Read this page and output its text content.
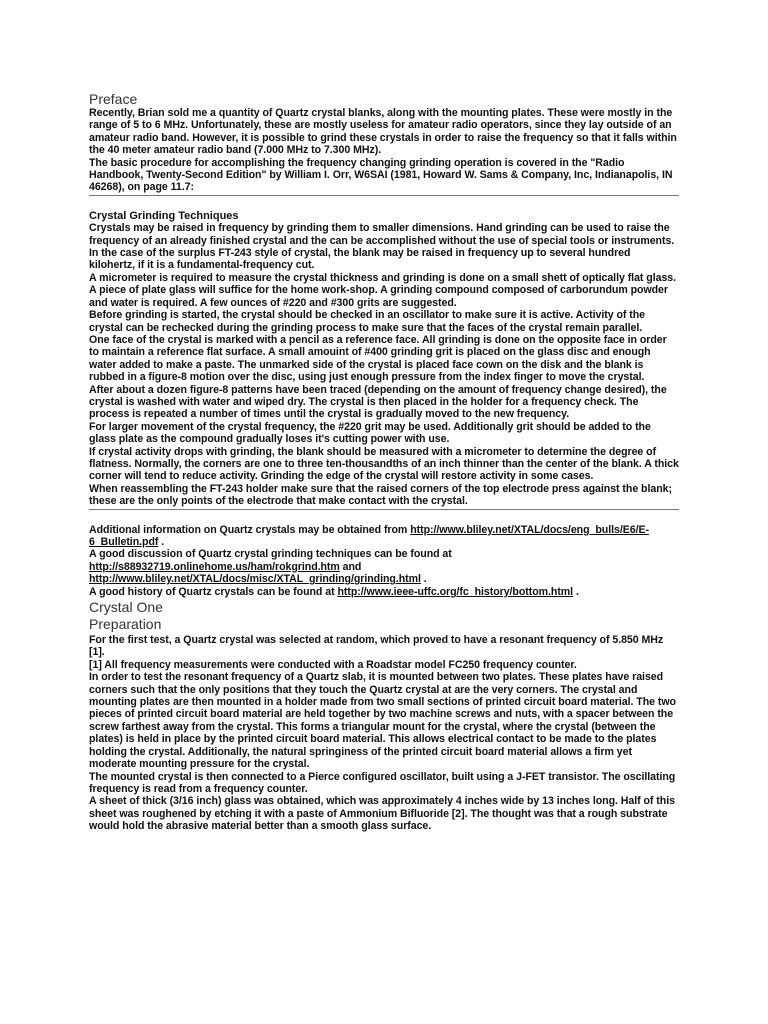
Preface

Recently, Brian sold me a quantity of Quartz crystal blanks, along with the mounting plates. These were mostly in the range of 5 to 6 MHz. Unfortunately, these are mostly useless for amateur radio operators, since they lay outside of an amateur radio band. However, it is possible to grind these crystals in order to raise the frequency so that it falls within the 40 meter amateur radio band (7.000 MHz to 7.300 MHz).

The basic procedure for accomplishing the frequency changing grinding operation is covered in the "Radio Handbook, Twenty-Second Edition" by William I. Orr, W6SAI (1981, Howard W. Sams & Company, Inc, Indianapolis, IN 46268), on page 11.7:

Crystal Grinding Techniques

Crystals may be raised in frequency by grinding them to smaller dimensions. Hand grinding can be used to raise the frequency of an already finished crystal and the can be accomplished without the use of special tools or instruments. In the case of the surplus FT-243 style of crystal, the blank may be raised in frequency up to several hundred kilohertz, if it is a fundamental-frequency cut.

A micrometer is required to measure the crystal thickness and grinding is done on a small shett of optically flat glass. A piece of plate glass will suffice for the home work-shop. A grinding compound composed of carborundum powder and water is required. A few ounces of #220 and #300 grits are suggested.

Before grinding is started, the crystal should be checked in an oscillator to make sure it is active. Activity of the crystal can be rechecked during the grinding process to make sure that the faces of the crystal remain parallel.

One face of the crystal is marked with a pencil as a reference face. All grinding is done on the opposite face in order to maintain a reference flat surface. A small amouint of #400 grinding grit is placed on the glass disc and enough water added to make a paste. The unmarked side of the crystal is placed face cown on the disk and the blank is rubbed in a figure-8 motion over the disc, using just enough pressure from the index finger to move the crystal.

After about a dozen figure-8 patterns have been traced (depending on the amount of frequency change desired), the crystal is washed with water and wiped dry. The crystal is then placed in the holder for a frequency check. The process is repeated a number of times until the crystal is gradually moved to the new frequency.

For larger movement of the crystal frequency, the #220 grit may be used. Additionally grit should be added to the glass plate as the compound gradually loses it's cutting power with use.

If crystal activity drops with grinding, the blank should be measured with a micrometer to determine the degree of flatness. Normally, the corners are one to three ten-thousandths of an inch thinner than the center of the blank. A thick corner will tend to reduce activity. Grinding the edge of the crystal will restore activity in some cases.

When reassembling the FT-243 holder make sure that the raised corners of the top electrode press against the blank; these are the only points of the electrode that make contact with the crystal.

Additional information on Quartz crystals may be obtained from http://www.bliley.net/XTAL/docs/eng_bulls/E6/E-6_Bulletin.pdf .

A good discussion of Quartz crystal grinding techniques can be found at http://s88932719.onlinehome.us/ham/rokgrind.htm and http://www.bliley.net/XTAL/docs/misc/XTAL_grinding/grinding.html .

A good history of Quartz crystals can be found at http://www.ieee-uffc.org/fc_history/bottom.html .

Crystal One
Preparation

For the first test, a Quartz crystal was selected at random, which proved to have a resonant frequency of 5.850 MHz [1].

[1] All frequency measurements were conducted with a Roadstar model FC250 frequency counter.

In order to test the resonant frequency of a Quartz slab, it is mounted between two plates. These plates have raised corners such that the only positions that they touch the Quartz crystal at are the very corners. The crystal and mounting plates are then mounted in a holder made from two small sections of printed circuit board material. The two pieces of printed circuit board material are held together by two machine screws and nuts, with a spacer between the screw farthest away from the crystal. This forms a triangular mount for the crystal, where the crystal (between the plates) is held in place by the printed circuit board material. This allows electrical contact to be made to the plates holding the crystal. Additionally, the natural springiness of the printed circuit board material allows a firm yet moderate mounting pressure for the crystal.

The mounted crystal is then connected to a Pierce configured oscillator, built using a J-FET transistor. The oscillating frequency is read from a frequency counter.

A sheet of thick (3/16 inch) glass was obtained, which was approximately 4 inches wide by 13 inches long. Half of this sheet was roughened by etching it with a paste of Ammonium Bifluoride [2]. The thought was that a rough substrate would hold the abrasive material better than a smooth glass surface.
